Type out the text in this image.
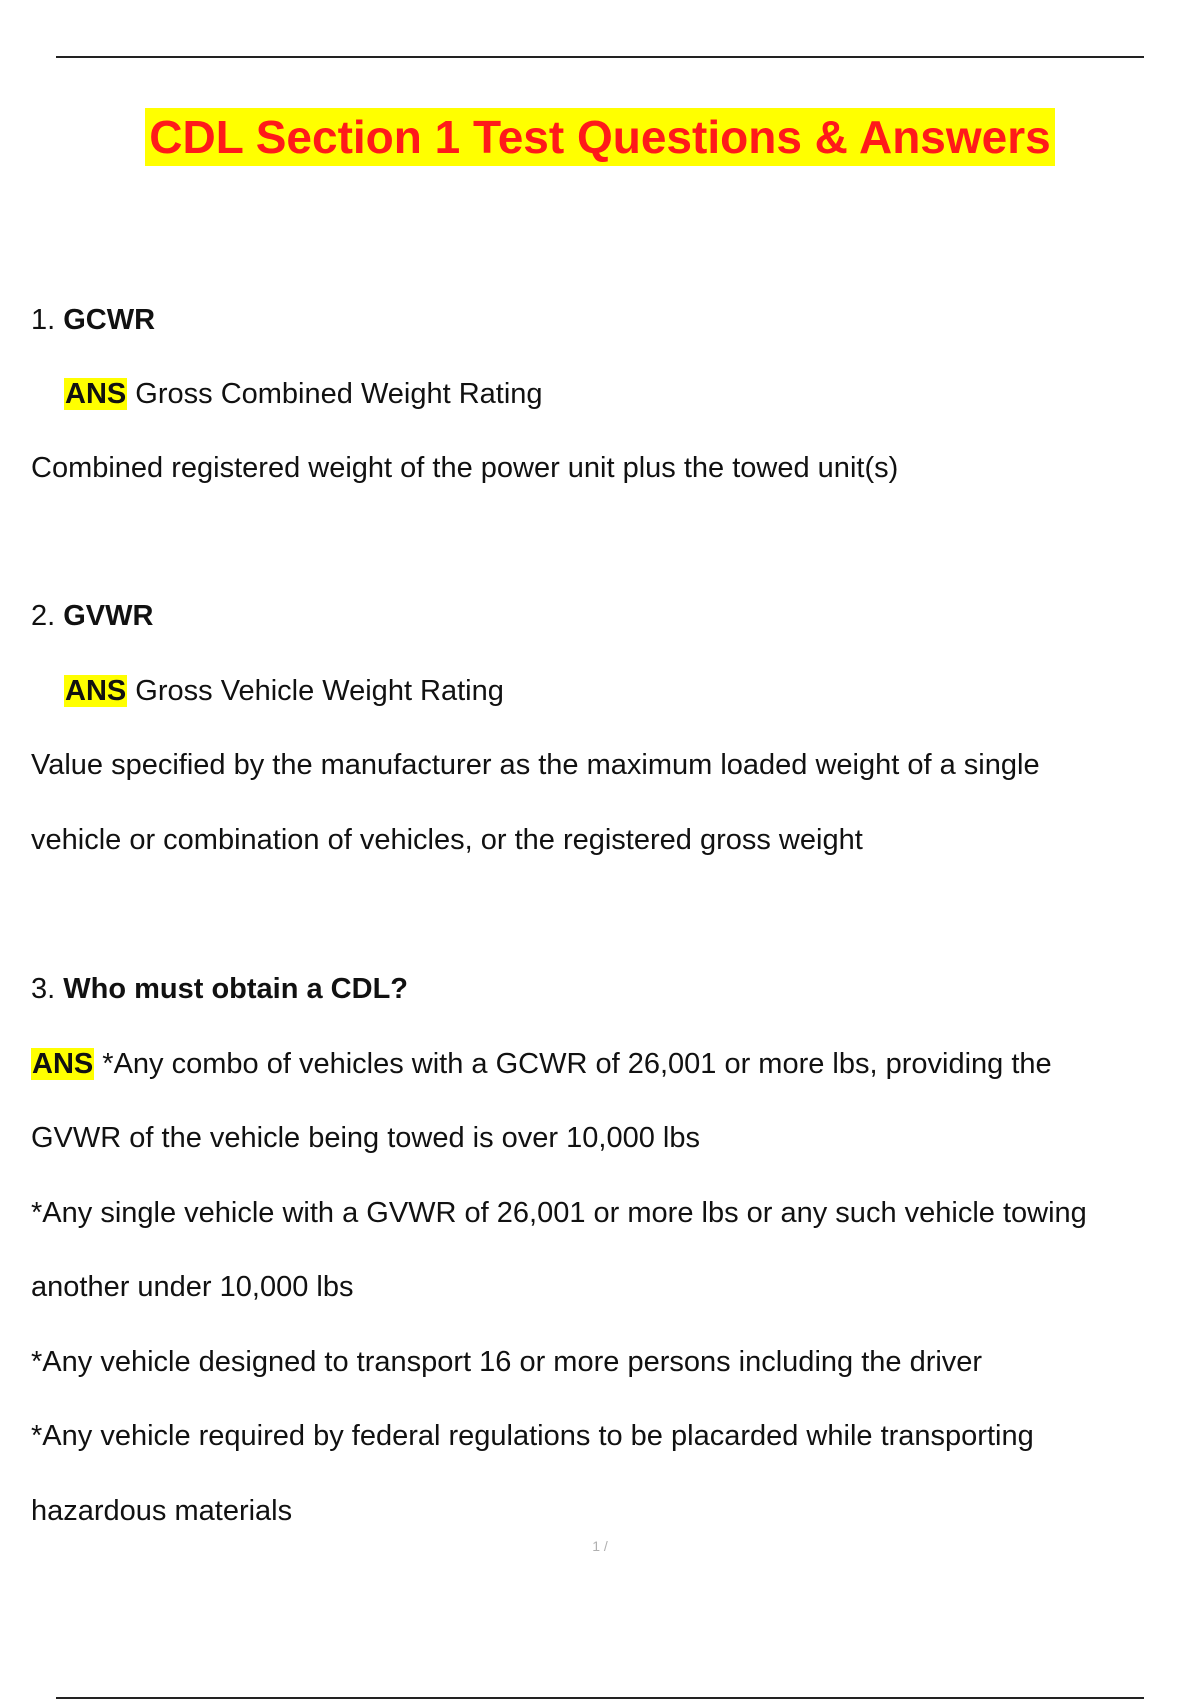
CDL Section 1 Test Questions & Answers
1. GCWR
ANS Gross Combined Weight Rating
Combined registered weight of the power unit plus the towed unit(s)
2. GVWR
ANS Gross Vehicle Weight Rating
Value specified by the manufacturer as the maximum loaded weight of a single
vehicle or combination of vehicles, or the registered gross weight
3. Who must obtain a CDL?
ANS *Any combo of vehicles with a GCWR of 26,001 or more lbs, providing the
GVWR of the vehicle being towed is over 10,000 lbs
*Any single vehicle with a GVWR of 26,001 or more lbs or any such vehicle towing
another under 10,000 lbs
*Any vehicle designed to transport 16 or more persons including the driver
*Any vehicle required by federal regulations to be placarded while transporting
hazardous materials
1 /
